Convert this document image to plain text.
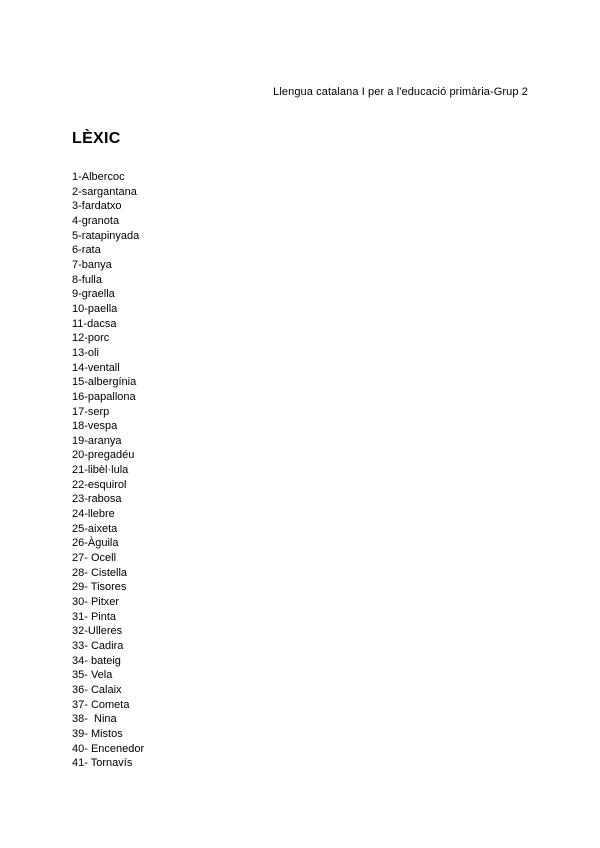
Llengua catalana I per a l'educació primària-Grup 2
LÈXIC
1-Albercoc
2-sargantana
3-fardatxo
4-granota
5-ratapinyada
6-rata
7-banya
8-fulla
9-graella
10-paella
11-dacsa
12-porc
13-oli
14-ventall
15-albergínia
16-papallona
17-serp
18-vespa
19-aranya
20-pregadéu
21-libèl·lula
22-esquirol
23-rabosa
24-llebre
25-aixeta
26-Àguila
27- Ocell
28- Cistella
29- Tisores
30- Pitxer
31- Pinta
32-Ulleres
33- Cadira
34- bateig
35- Vela
36- Calaix
37- Cometa
38-  Nina
39- Mistos
40- Encenedor
41- Tornavís
